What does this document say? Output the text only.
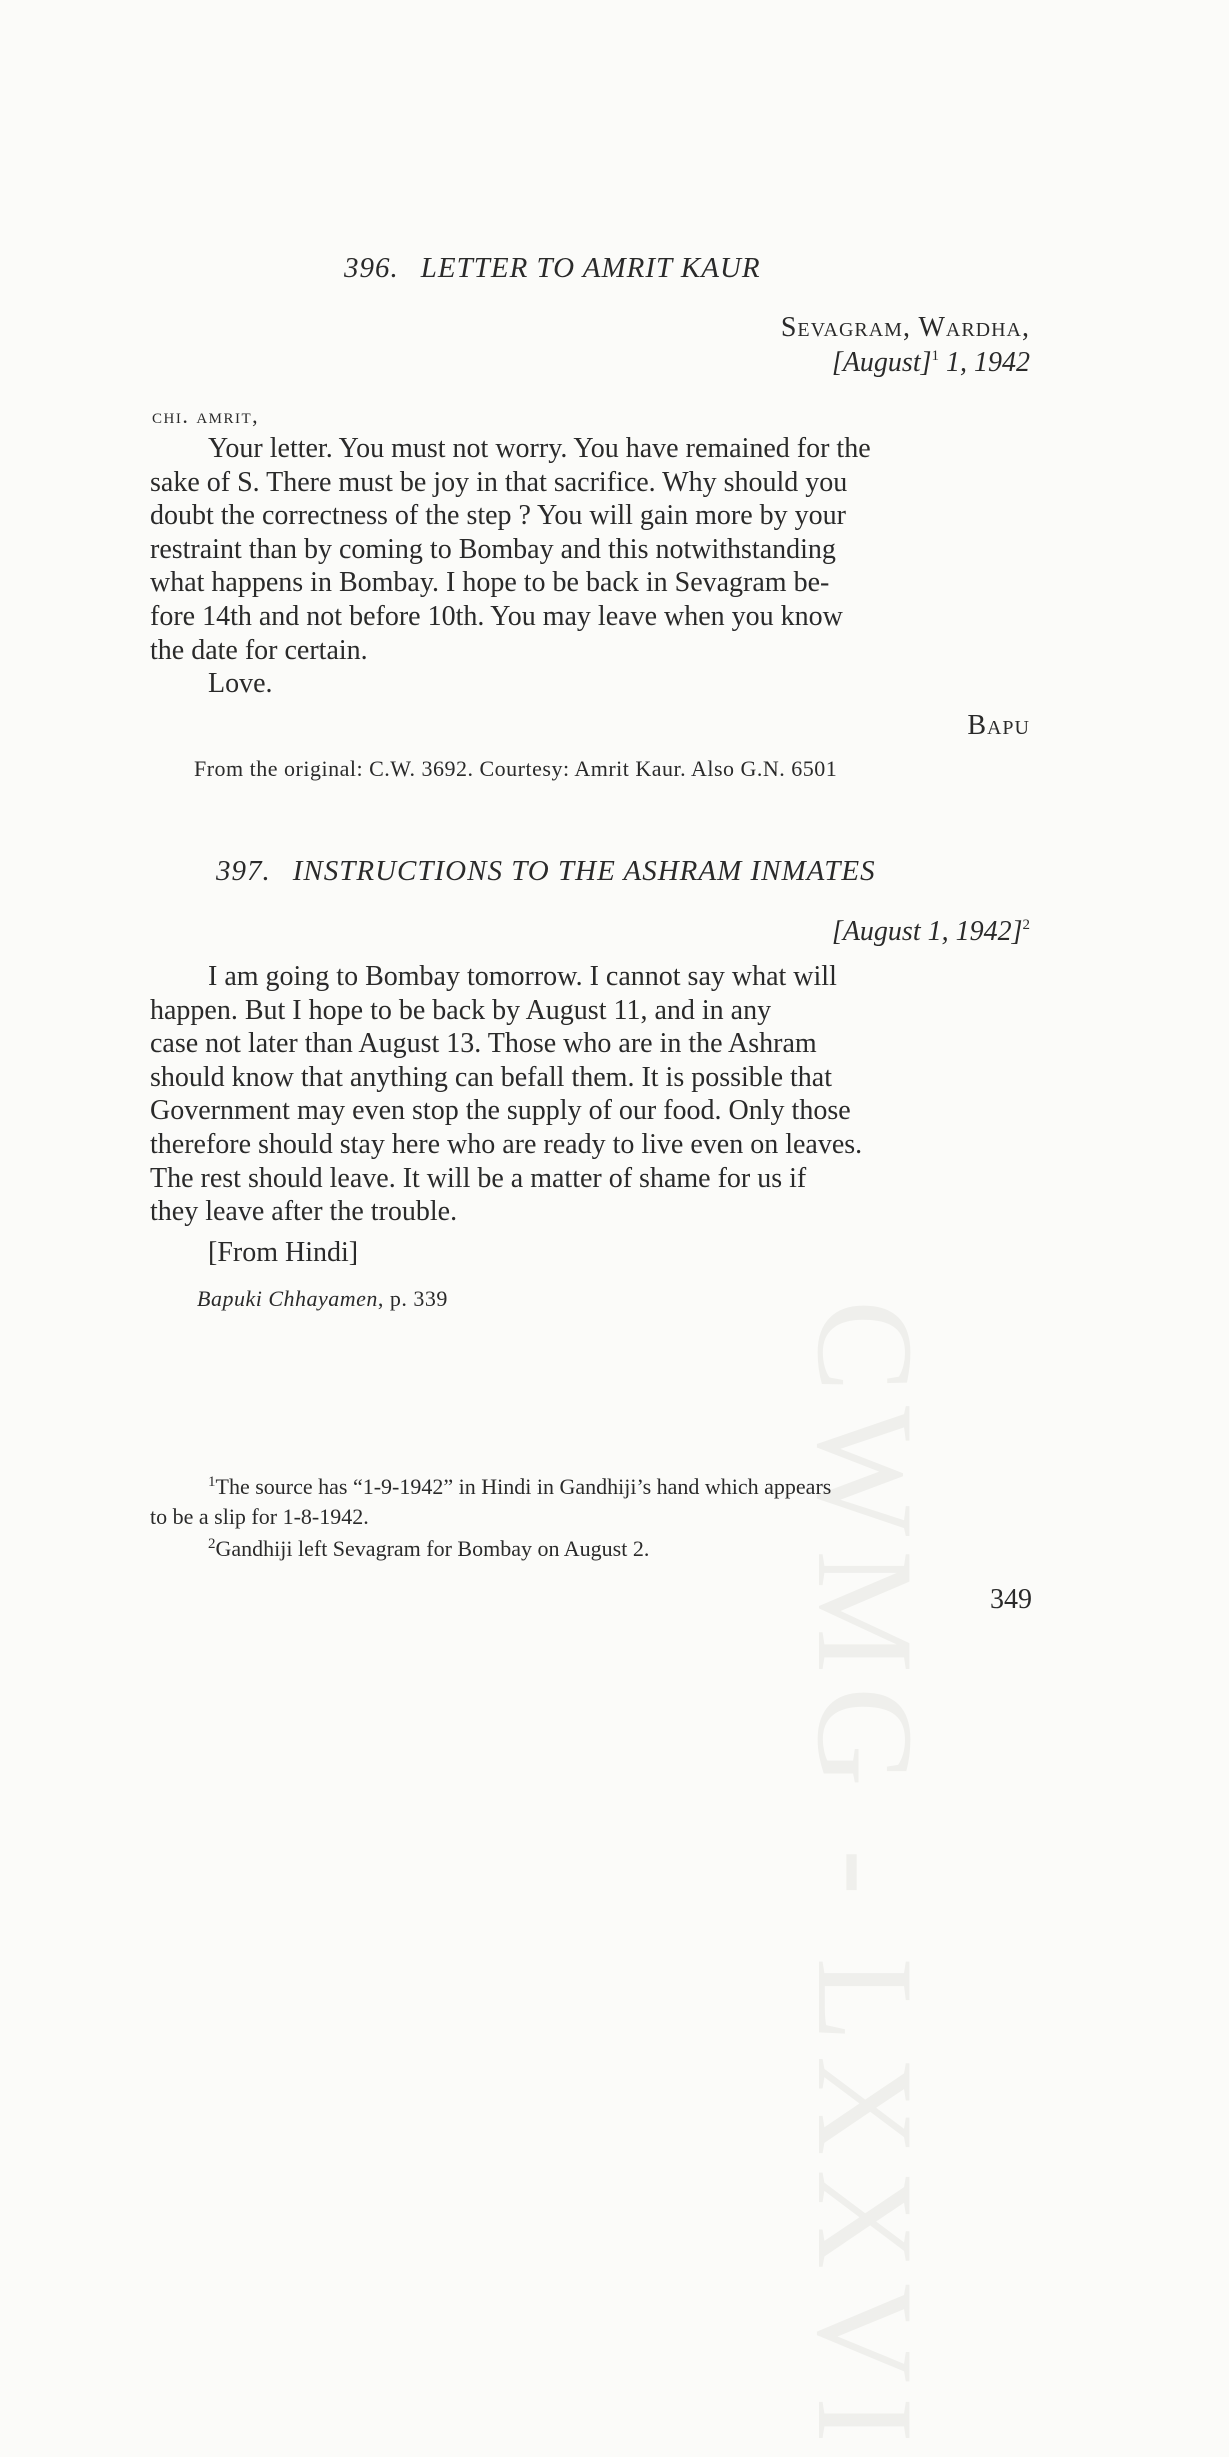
CWMG - LXXVI
396. LETTER TO AMRIT KAUR
Sevagram, Wardha,
[August]$^1$ 1, 1942
chi. amrit,
Your letter. You must not worry. You have remained for the
sake of S. There must be joy in that sacrifice. Why should you
doubt the correctness of the step ? You will gain more by your
restraint than by coming to Bombay and this notwithstanding
what happens in Bombay. I hope to be back in Sevagram be-
fore 14th and not before 10th. You may leave when you know
the date for certain.
Love.
Bapu
From the original: C.W. 3692. Courtesy: Amrit Kaur. Also G.N. 6501
397. INSTRUCTIONS TO THE ASHRAM INMATES
[August 1, 1942]$^2$
I am going to Bombay tomorrow. I cannot say what will
happen. But I hope to be back by August 11, and in any
case not later than August 13. Those who are in the Ashram
should know that anything can befall them. It is possible that
Government may even stop the supply of our food. Only those
therefore should stay here who are ready to live even on leaves.
The rest should leave. It will be a matter of shame for us if
they leave after the trouble.
[From Hindi]
Bapuki Chhayamen, p. 339
$^1$The source has “1-9-1942” in Hindi in Gandhiji’s hand which appears
to be a slip for 1-8-1942.
$^2$Gandhiji left Sevagram for Bombay on August 2.
349
